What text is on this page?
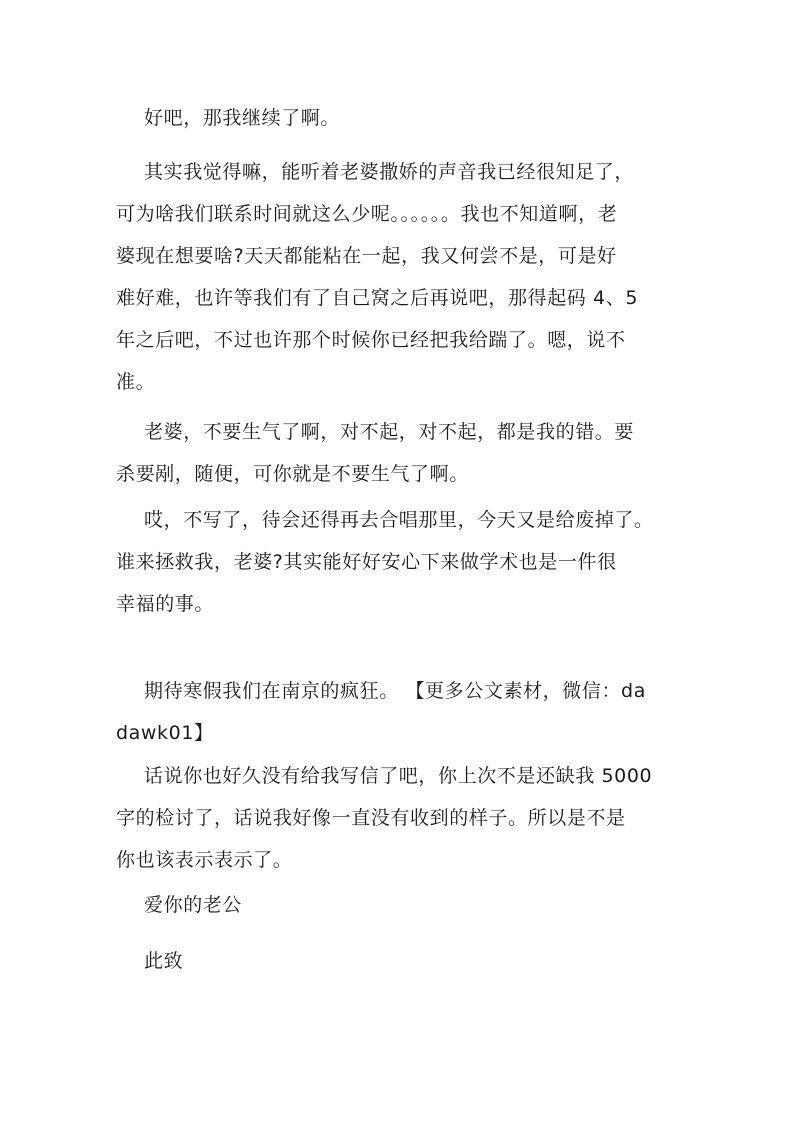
好吧，那我继续了啊。

其实我觉得嘛，能听着老婆撒娇的声音我已经很知足了，
可为啥我们联系时间就这么少呢。。。。。。我也不知道啊，老
婆现在想要啥?天天都能粘在一起，我又何尝不是，可是好
难好难，也许等我们有了自己窝之后再说吧，那得起码 4、5
年之后吧，不过也许那个时候你已经把我给踹了。嗯，说不
准。

老婆，不要生气了啊，对不起，对不起，都是我的错。要
杀要剐，随便，可你就是不要生气了啊。

哎，不写了，待会还得再去合唱那里，今天又是给废掉了。
谁来拯救我，老婆?其实能好好安心下来做学术也是一件很
幸福的事。

期待寒假我们在南京的疯狂。 【更多公文素材，微信：da
dawk01】

话说你也好久没有给我写信了吧，你上次不是还缺我 5000
字的检讨了，话说我好像一直没有收到的样子。所以是不是
你也该表示表示了。

爱你的老公

此致
